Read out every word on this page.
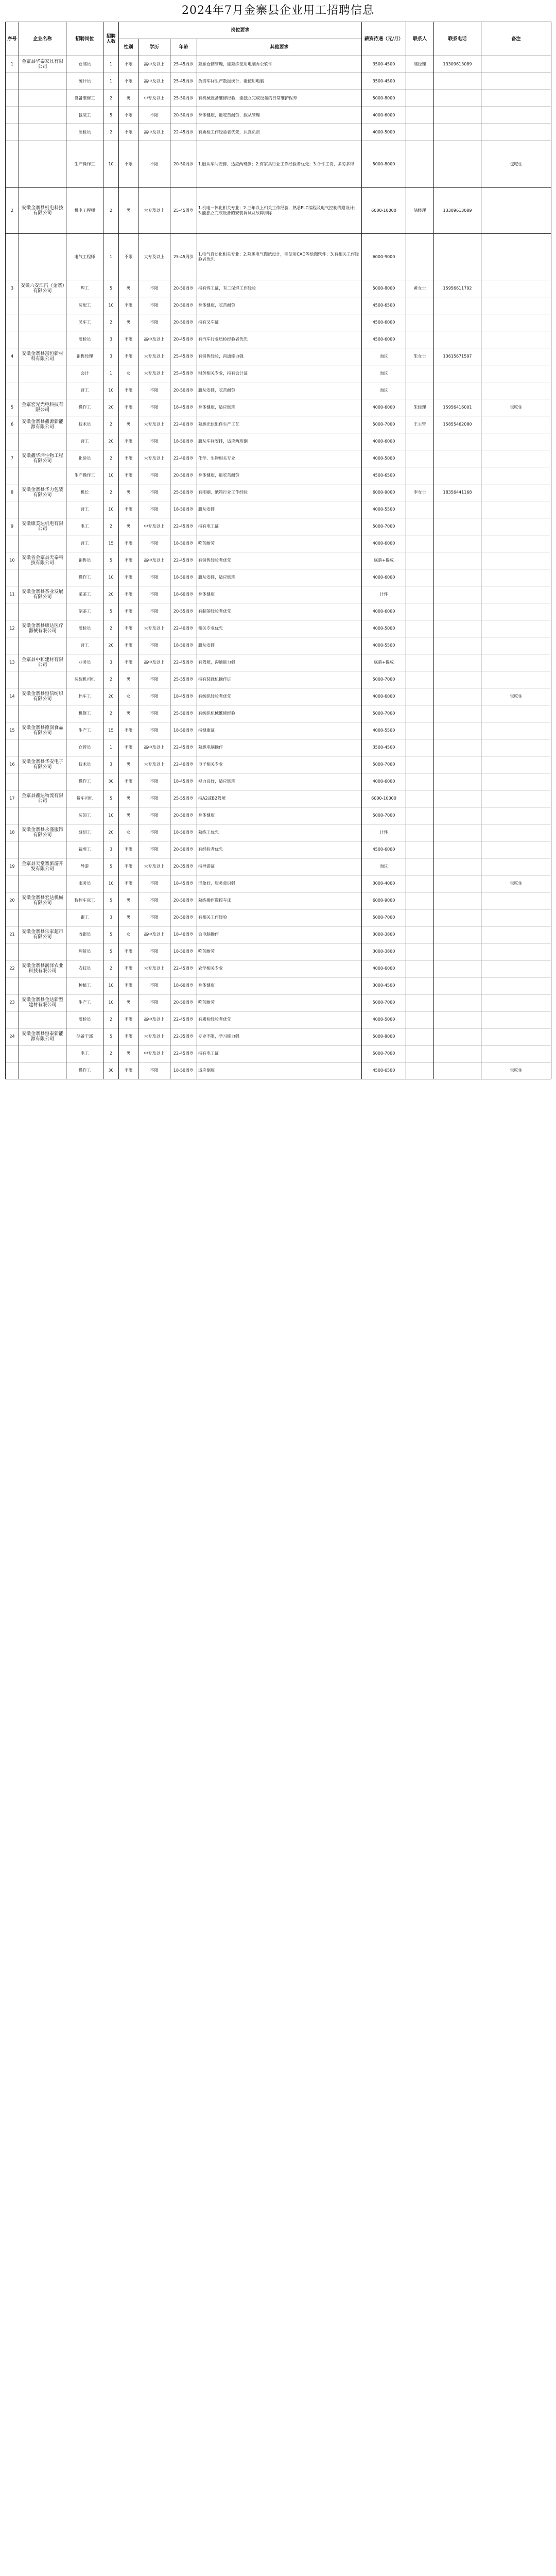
2024年7月金寨县企业用工招聘信息
序号	企业名称	招聘岗位	招聘人数	岗位要求				薪资待遇（元/月）	联系人	联系电话	备注
				性别	学历	年龄	其他要求				
1	金寨县华泰家具有限公司	仓储员	1	不限	高中及以上	25-45周岁	熟悉仓储管理，能熟练使用电脑办公软件	3500-4500	储经理	13309613089	
		统计员	1	不限	高中及以上	25-45周岁	负责车间生产数据统计，能使用电脑	3500-4500			
		设备维修工	2	男	中专及以上	25-50周岁	有机械设备维修经验，能独立完成设备的日常维护保养	5000-8000			
		包装工	5	不限	不限	20-50周岁	身体健康，能吃苦耐劳，服从管理	4000-6000			
		质检员	2	不限	高中及以上	22-45周岁	有质检工作经验者优先，认真负责	4000-5000			
		生产操作工	10	不限	不限	20-50周岁	1.服从车间安排，适应两班倒；2.有家具行业工作经验者优先；3.计件工资，多劳多得	5000-8000			包吃住
2	安徽金寨县机电科技有限公司	机电工程师	2	男	大专及以上	25-45周岁	1.机电一体化相关专业；2.三年以上相关工作经验，熟悉PLC编程及电气控制线路设计；3.能独立完成设备的安装调试及故障排除	6000-10000	储经理	13309613089	
		电气工程师	1	不限	大专及以上	25-45周岁	1.电气自动化相关专业；2.熟悉电气图纸设计，能使用CAD等绘图软件；3.有相关工作经验者优先	6000-9000			
3	安徽六安江汽（金寨）有限公司	焊工	5	男	不限	20-50周岁	持有焊工证，有二保焊工作经验	5000-8000	黄女士	15956611792	
		装配工	10	不限	不限	20-50周岁	身体健康，吃苦耐劳	4500-6500			
		叉车工	2	男	不限	20-50周岁	持有叉车证	4500-6000			
		质检员	3	不限	高中及以上	20-45周岁	有汽车行业质检经验者优先	4500-6000			
4	安徽金寨县富恒新材料有限公司	销售经理	3	不限	大专及以上	25-45周岁	有销售经验，沟通能力强	面议	朱女士	13615671597	
		会计	1	女	大专及以上	25-45周岁	财务相关专业，持有会计证	面议			
		普工	10	不限	不限	20-50周岁	服从安排，吃苦耐劳	面议			
5	金寨宏光光电科技有限公司	操作工	20	不限	不限	18-45周岁	身体健康，适应倒班	4000-6000	朱经理	15956416001	包吃住
6	安徽金寨县鑫源新能源有限公司	技术员	2	男	大专及以上	22-40周岁	熟悉光伏组件生产工艺	5000-7000	王主管	15855462080	
		普工	20	不限	不限	18-50周岁	服从车间安排，适应两班倒	4000-6000			
7	安徽鑫华坤生物工程有限公司	化验员	2	不限	大专及以上	22-40周岁	化学、生物相关专业	4000-5000			
		生产操作工	10	不限	不限	20-50周岁	身体健康，能吃苦耐劳	4500-6500			
8	安徽金寨县华力包装有限公司	机长	2	男	不限	25-50周岁	有印刷、纸箱行业工作经验	6000-9000	李女士	18356441168	
		普工	10	不限	不限	18-50周岁	服从安排	4000-5500			
9	安徽康美达机电有限公司	电工	2	男	中专及以上	22-45周岁	持有电工证	5000-7000			
		普工	15	不限	不限	18-50周岁	吃苦耐劳	4000-6000			
10	安徽省金寨县天泰科技有限公司	销售员	5	不限	高中及以上	22-45周岁	有销售经验者优先	底薪+提成			
		操作工	10	不限	不限	18-50周岁	服从安排，适应倒班	4000-6000			
11	安徽金寨县茶业发展有限公司	采茶工	20	不限	不限	18-60周岁	身体健康	计件			
		制茶工	5	不限	不限	20-55周岁	有制茶经验者优先	4000-6000			
12	安徽金寨县康达医疗器械有限公司	质检员	2	不限	大专及以上	22-40周岁	相关专业优先	4000-5000			
		普工	20	不限	不限	18-50周岁	服从安排	4000-5500			
13	金寨县中和建材有限公司	业务员	3	不限	高中及以上	22-45周岁	有驾照，沟通能力强	底薪+提成			
		装载机司机	2	男	不限	25-55周岁	持有装载机操作证	5000-7000			
14	安徽金寨县恒信纺织有限公司	挡车工	20	女	不限	18-45周岁	有纺织经验者优先	4000-6000			包吃住
		机修工	2	男	不限	25-50周岁	有纺织机械维修经验	5000-7000			
15	安徽金寨县德润食品有限公司	生产工	15	不限	不限	18-50周岁	持健康证	4000-5500			
		仓管员	1	不限	高中及以上	22-45周岁	熟悉电脑操作	3500-4500			
16	安徽金寨县华安电子有限公司	技术员	3	男	大专及以上	22-40周岁	电子相关专业	5000-7000			
		操作工	30	不限	不限	18-45周岁	视力良好，适应倒班	4000-6000			
17	金寨县鑫达物流有限公司	货车司机	5	男	不限	25-55周岁	持A2或B2驾照	6000-10000			
		装卸工	10	男	不限	20-50周岁	身体健康	5000-7000			
18	安徽金寨县永盛服饰有限公司	缝纫工	20	女	不限	18-50周岁	熟练工优先	计件			
		裁剪工	3	不限	不限	20-50周岁	有经验者优先	4500-6000			
19	金寨县天堂寨旅游开发有限公司	导游	5	不限	大专及以上	20-35周岁	持导游证	面议			
		服务员	10	不限	不限	18-45周岁	形象好，服务意识强	3000-4000			包吃住
20	安徽金寨县宏达机械有限公司	数控车床工	5	男	不限	20-50周岁	熟练操作数控车床	6000-9000			
		钳工	3	男	不限	20-50周岁	有相关工作经验	5000-7000			
21	安徽金寨县乐家超市有限公司	收银员	5	女	高中及以上	18-40周岁	会电脑操作	3000-3800			
		理货员	5	不限	不限	18-50周岁	吃苦耐劳	3000-3800			
22	安徽金寨县润泽农业科技有限公司	农技员	2	不限	大专及以上	22-45周岁	农学相关专业	4000-6000			
		种植工	10	不限	不限	18-60周岁	身体健康	3000-4500			
23	安徽金寨县金达新型建材有限公司	生产工	10	男	不限	20-50周岁	吃苦耐劳	5000-7000			
		质检员	2	不限	高中及以上	22-45周岁	有质检经验者优先	4000-5000			
24	安徽金寨县恒泰新能源有限公司	储备干部	5	不限	大专及以上	22-35周岁	专业不限，学习能力强	5000-8000			
		电工	2	男	中专及以上	22-45周岁	持有电工证	5000-7000			
		操作工	30	不限	不限	18-50周岁	适应倒班	4500-6500			包吃住
